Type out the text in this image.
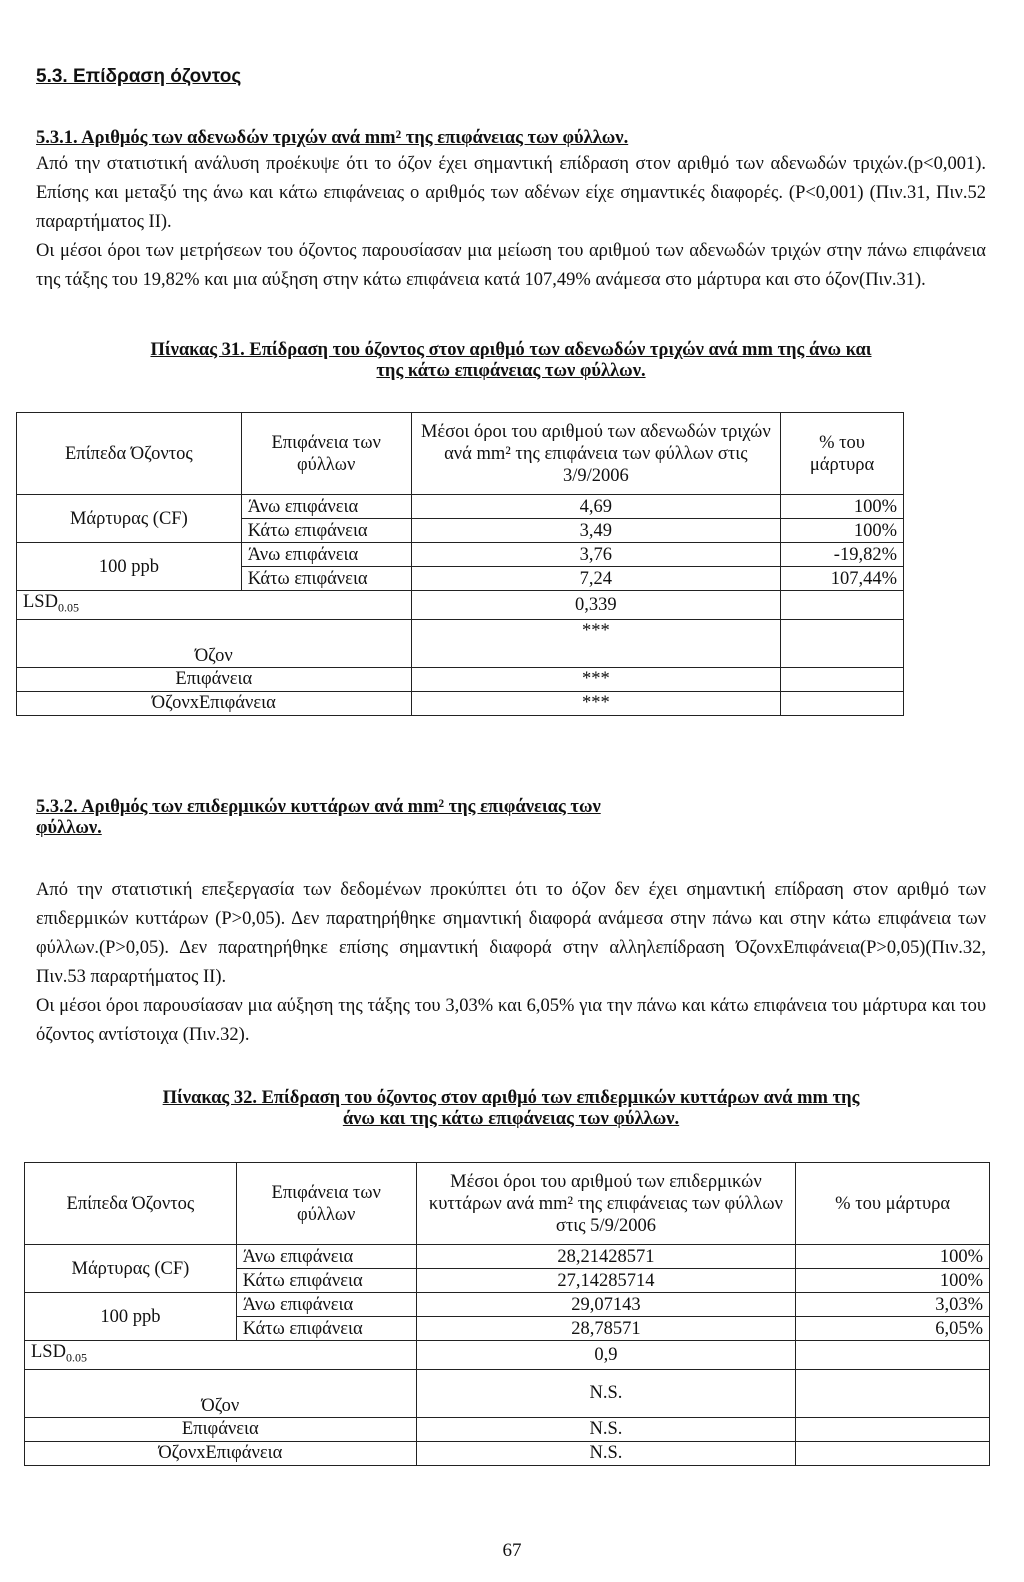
5.3. Επίδραση όζοντος
5.3.1. Αριθμός των αδενωδών τριχών ανά mm² της επιφάνειας των φύλλων.

Από την στατιστική ανάλυση προέκυψε ότι το όζον έχει σημαντική επίδραση στον αριθμό των αδενωδών τριχών.(p<0,001). Επίσης και μεταξύ της άνω και κάτω επιφάνειας ο αριθμός των αδένων είχε σημαντικές διαφορές. (P<0,001) (Πιν.31, Πιν.52 παραρτήματος ΙΙ).

Οι μέσοι όροι των μετρήσεων του όζοντος παρουσίασαν μια μείωση του αριθμού των αδενωδών τριχών στην πάνω επιφάνεια της τάξης του 19,82% και μια αύξηση στην κάτω επιφάνεια κατά 107,49% ανάμεσα στο μάρτυρα και στο όζον(Πιν.31).

Πίνακας 31. Επίδραση του όζοντος στον αριθμό των αδενωδών τριχών ανά mm της άνω και
της κάτω επιφάνειας των φύλλων.
Επίπεδα Όζοντος	Επιφάνεια των φύλλων	Μέσοι όροι του αριθμού των αδενωδών τριχών ανά mm² της επιφάνεια των φύλλων στις 3/9/2006	% του μάρτυρα
Μάρτυρας (CF)	Άνω επιφάνεια	4,69	100%
	Κάτω επιφάνεια	3,49	100%
100 ppb	Άνω επιφάνεια	3,76	-19,82%
	Κάτω επιφάνεια	7,24	107,44%
$LSD_{0.05}$		0,339	
Όζον		***	
Επιφάνεια		***	
ΌζονxΕπιφάνεια		***	
5.3.2. Αριθμός των επιδερμικών κυττάρων ανά mm² της επιφάνειας των
φύλλων.

Από την στατιστική επεξεργασία των δεδομένων προκύπτει ότι το όζον δεν έχει σημαντική επίδραση στον αριθμό των επιδερμικών κυττάρων (P>0,05). Δεν παρατηρήθηκε σημαντική διαφορά ανάμεσα στην πάνω και στην κάτω επιφάνεια των φύλλων.(P>0,05). Δεν παρατηρήθηκε επίσης σημαντική διαφορά στην αλληλεπίδραση ΌζονxΕπιφάνεια(P>0,05)(Πιν.32, Πιν.53 παραρτήματος ΙΙ).

Οι μέσοι όροι παρουσίασαν μια αύξηση της τάξης του 3,03% και 6,05% για την πάνω και κάτω επιφάνεια του μάρτυρα και του όζοντος αντίστοιχα (Πιν.32).

Πίνακας 32. Επίδραση του όζοντος στον αριθμό των επιδερμικών κυττάρων ανά mm της
άνω και της κάτω επιφάνειας των φύλλων.
Επίπεδα Όζοντος	Επιφάνεια των φύλλων	Μέσοι όροι του αριθμού των επιδερμικών κυττάρων ανά mm² της επιφάνειας των φύλλων στις 5/9/2006	% του μάρτυρα
Μάρτυρας (CF)	Άνω επιφάνεια	28,21428571	100%
	Κάτω επιφάνεια	27,14285714	100%
100 ppb	Άνω επιφάνεια	29,07143	3,03%
	Κάτω επιφάνεια	28,78571	6,05%
$LSD_{0.05}$		0,9	
Όζον		N.S.	
Επιφάνεια		N.S.	
ΌζονxΕπιφάνεια		N.S.	
67
